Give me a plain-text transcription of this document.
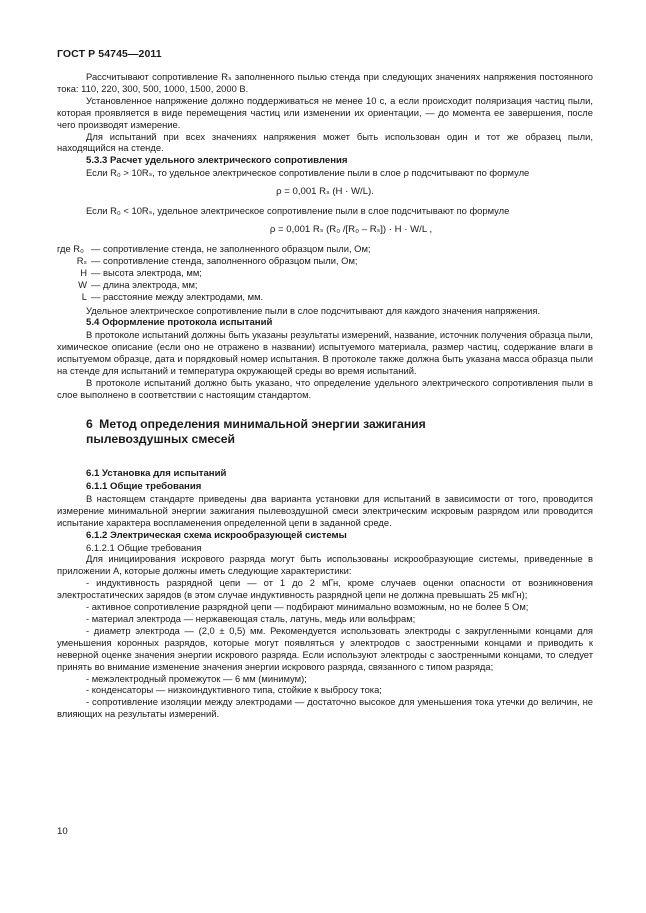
ГОСТ Р 54745—2011

Рассчитывают сопротивление Rₛ заполненного пылью стенда при следующих значениях напряжения постоянного тока: 110, 220, 300, 500, 1000, 1500, 2000 В.

Установленное напряжение должно поддерживаться не менее 10 с, а если происходит поляризация частиц пыли, которая проявляется в виде перемещения частиц или изменении их ориентации, — до момента ее завершения, после чего производят измерение.

Для испытаний при всех значениях напряжения может быть использован один и тот же образец пыли, находящийся на стенде.

5.3.3 Расчет удельного электрического сопротивления

Если R₀ > 10Rₛ, то удельное электрическое сопротивление пыли в слое ρ подсчитывают по формуле

ρ = 0,001 Rₛ (H · W/L).

Если R₀ < 10Rₛ, удельное электрическое сопротивление пыли в слое подсчитывают по формуле

ρ = 0,001 Rₛ (R₀ /[R₀ – Rₛ]) · H · W/L ,
где R₀ — сопротивление стенда, не заполненного образцом пыли, Ом;
Rₛ — сопротивление стенда, заполненного образцом пыли, Ом;
H — высота электрода, мм;
W — длина электрода, мм;
L — расстояние между электродами, мм.

Удельное электрическое сопротивление пыли в слое подсчитывают для каждого значения напряжения.

5.4 Оформление протокола испытаний

В протоколе испытаний должны быть указаны результаты измерений, название, источник получения образца пыли, химическое описание (если оно не отражено в названии) испытуемого материала, размер частиц, содержание влаги в испытуемом образце, дата и порядковый номер испытания. В протоколе также должна быть указана масса образца пыли на стенде для испытаний и температура окружающей среды во время испытаний.

В протоколе испытаний должно быть указано, что определение удельного электрического сопротивления пыли в слое выполнено в соответствии с настоящим стандартом.

6 Метод определения минимальной энергии зажигания пылевоздушных смесей
6.1 Установка для испытаний
6.1.1 Общие требования

В настоящем стандарте приведены два варианта установки для испытаний в зависимости от того, проводится измерение минимальной энергии зажигания пылевоздушной смеси электрическим искровым разрядом или проводится испытание характера воспламенения определенной цепи в заданной среде.

6.1.2 Электрическая схема искрообразующей системы

6.1.2.1 Общие требования

Для инициирования искрового разряда могут быть использованы искрообразующие системы, приведенные в приложении А, которые должны иметь следующие характеристики:

- индуктивность разрядной цепи — от 1 до 2 мГн, кроме случаев оценки опасности от возникновения электростатических зарядов (в этом случае индуктивность разрядной цепи не должна превышать 25 мкГн);

- активное сопротивление разрядной цепи — подбирают минимально возможным, но не более 5 Ом;

- материал электрода — нержавеющая сталь, латунь, медь или вольфрам;

- диаметр электрода — (2,0 ± 0,5) мм. Рекомендуется использовать электроды с закругленными концами для уменьшения коронных разрядов, которые могут появляться у электродов с заостренными концами и приводить к неверной оценке значения энергии искрового разряда. Если используют электроды с заостренными концами, то следует принять во внимание изменение значения энергии искрового разряда, связанного с типом разряда;

- межэлектродный промежуток — 6 мм (минимум);

- конденсаторы — низкоиндуктивного типа, стойкие к выбросу тока;

- сопротивление изоляции между электродами — достаточно высокое для уменьшения тока утечки до величин, не влияющих на результаты измерений.

10
